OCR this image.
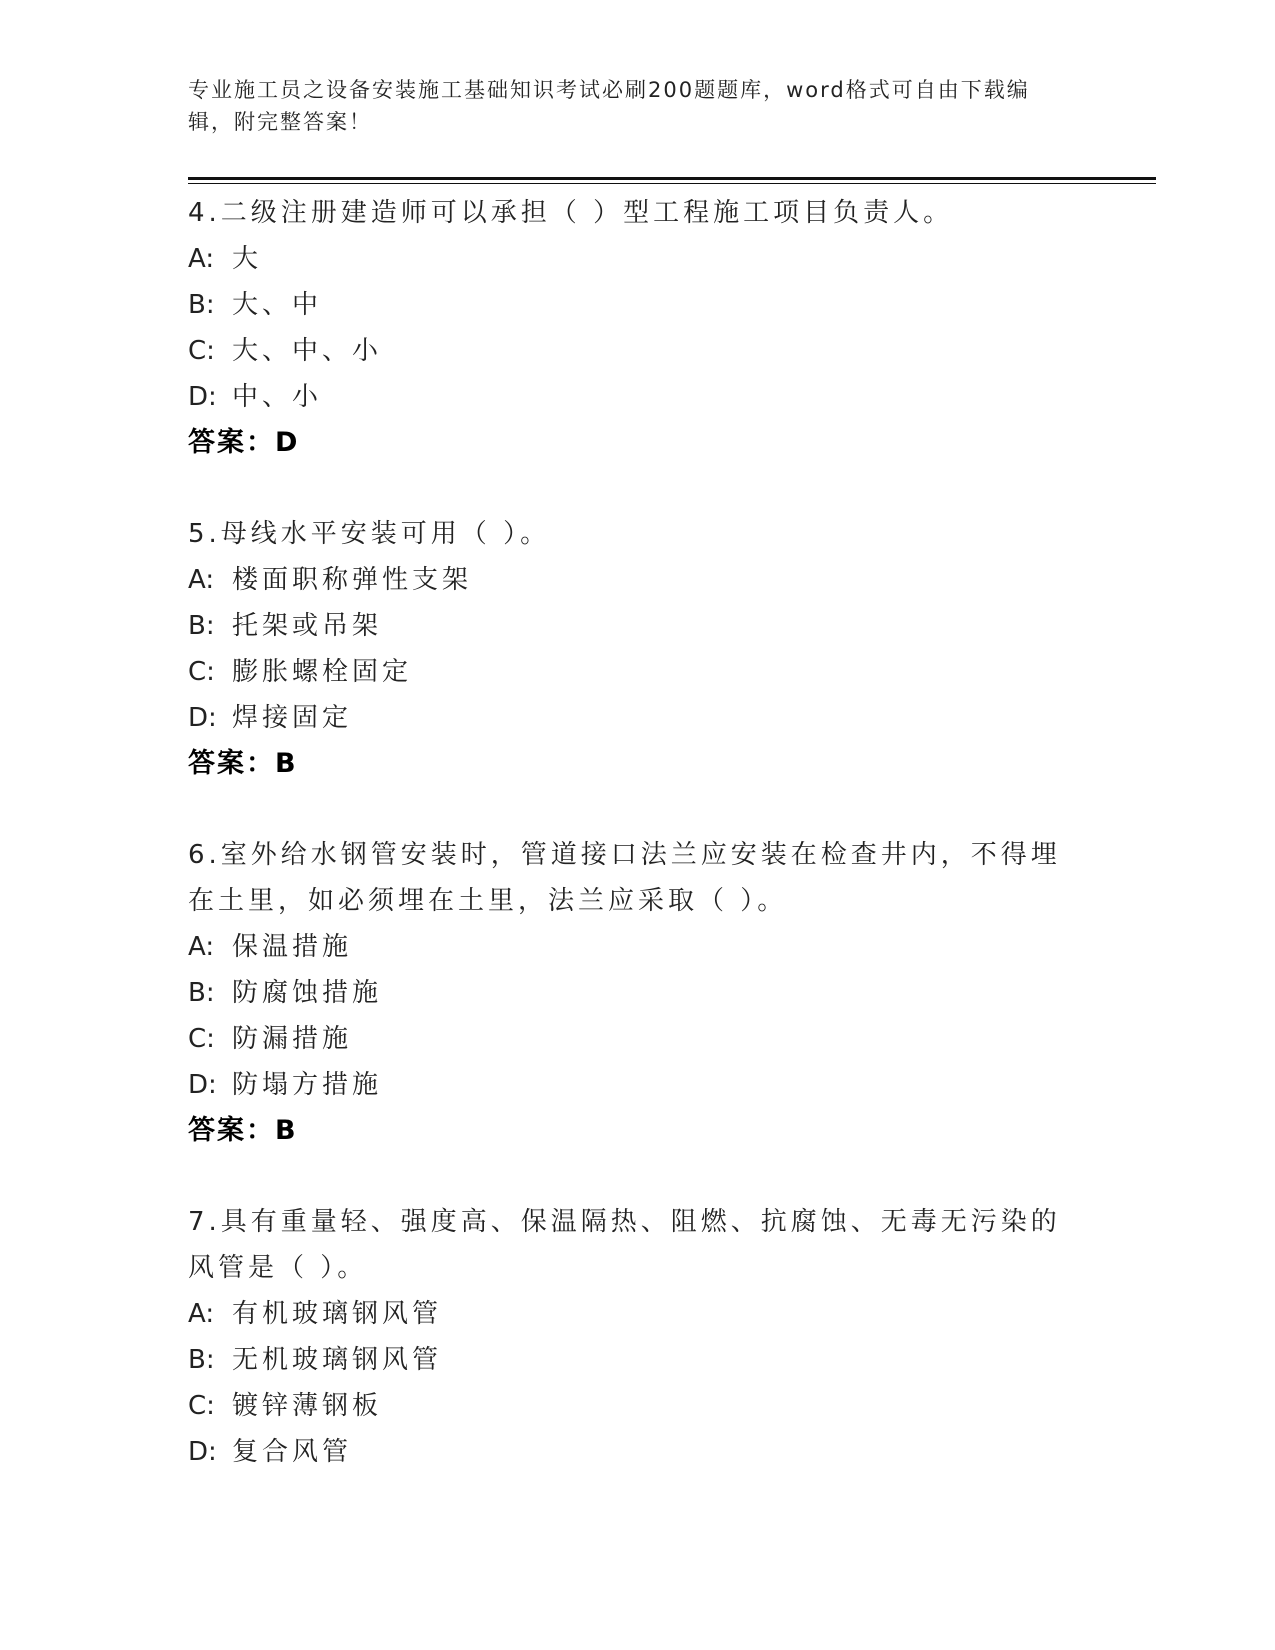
专业施工员之设备安装施工基础知识考试必刷200题题库，word格式可自由下载编辑，附完整答案！
4.二级注册建造师可以承担（ ）型工程施工项目负责人。
A: 大
B: 大、中
C: 大、中、小
D: 中、小
答案：D
5.母线水平安装可用（ ）。
A: 楼面职称弹性支架
B: 托架或吊架
C: 膨胀螺栓固定
D: 焊接固定
答案：B
6.室外给水钢管安装时，管道接口法兰应安装在检查井内，不得埋在土里，如必须埋在土里，法兰应采取（ ）。
A: 保温措施
B: 防腐蚀措施
C: 防漏措施
D: 防塌方措施
答案：B
7.具有重量轻、强度高、保温隔热、阻燃、抗腐蚀、无毒无污染的风管是（ ）。
A: 有机玻璃钢风管
B: 无机玻璃钢风管
C: 镀锌薄钢板
D: 复合风管
